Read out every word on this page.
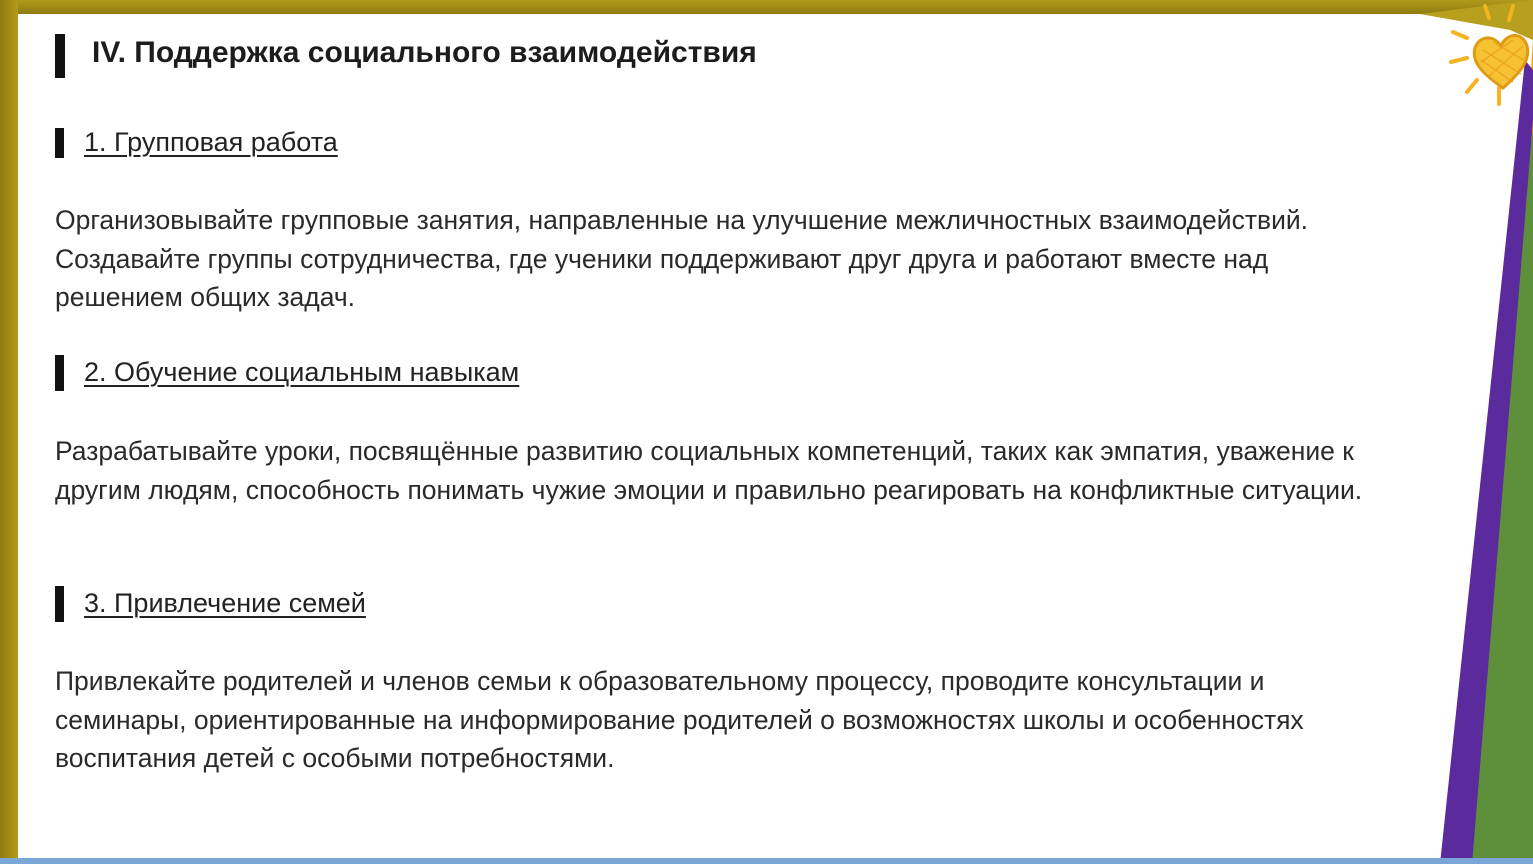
IV. Поддержка социального взаимодействия
1. Групповая работа
Организовывайте групповые занятия, направленные на улучшение межличностных взаимодействий. Создавайте группы сотрудничества, где ученики поддерживают друг друга и работают вместе над решением общих задач.
2. Обучение социальным навыкам
Разрабатывайте уроки, посвящённые развитию социальных компетенций, таких как эмпатия, уважение к другим людям, способность понимать чужие эмоции и правильно реагировать на конфликтные ситуации.
3. Привлечение семей
Привлекайте родителей и членов семьи к образовательному процессу, проводите консультации и семинары, ориентированные на информирование родителей о возможностях школы и особенностях воспитания детей с особыми потребностями.
